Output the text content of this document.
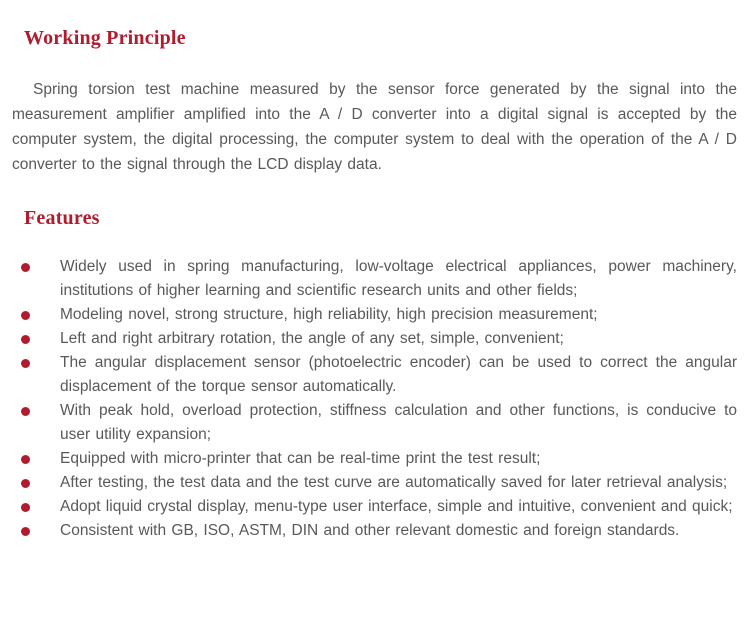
Working Principle

Spring torsion test machine measured by the sensor force generated by the signal into the measurement amplifier amplified into the A / D converter into a digital signal is accepted by the computer system, the digital processing, the computer system to deal with the operation of the A / D converter to the signal through the LCD display data.

Features
Widely used in spring manufacturing, low-voltage electrical appliances, power machinery, institutions of higher learning and scientific research units and other fields;
Modeling novel, strong structure, high reliability, high precision measurement;
Left and right arbitrary rotation, the angle of any set, simple, convenient;
The angular displacement sensor (photoelectric encoder) can be used to correct the angular displacement of the torque sensor automatically.
With peak hold, overload protection, stiffness calculation and other functions, is conducive to user utility expansion;
Equipped with micro-printer that can be real-time print the test result;
After testing, the test data and the test curve are automatically saved for later retrieval analysis;
Adopt liquid crystal display, menu-type user interface, simple and intuitive, convenient and quick;
Consistent with GB, ISO, ASTM, DIN and other relevant domestic and foreign standards.
